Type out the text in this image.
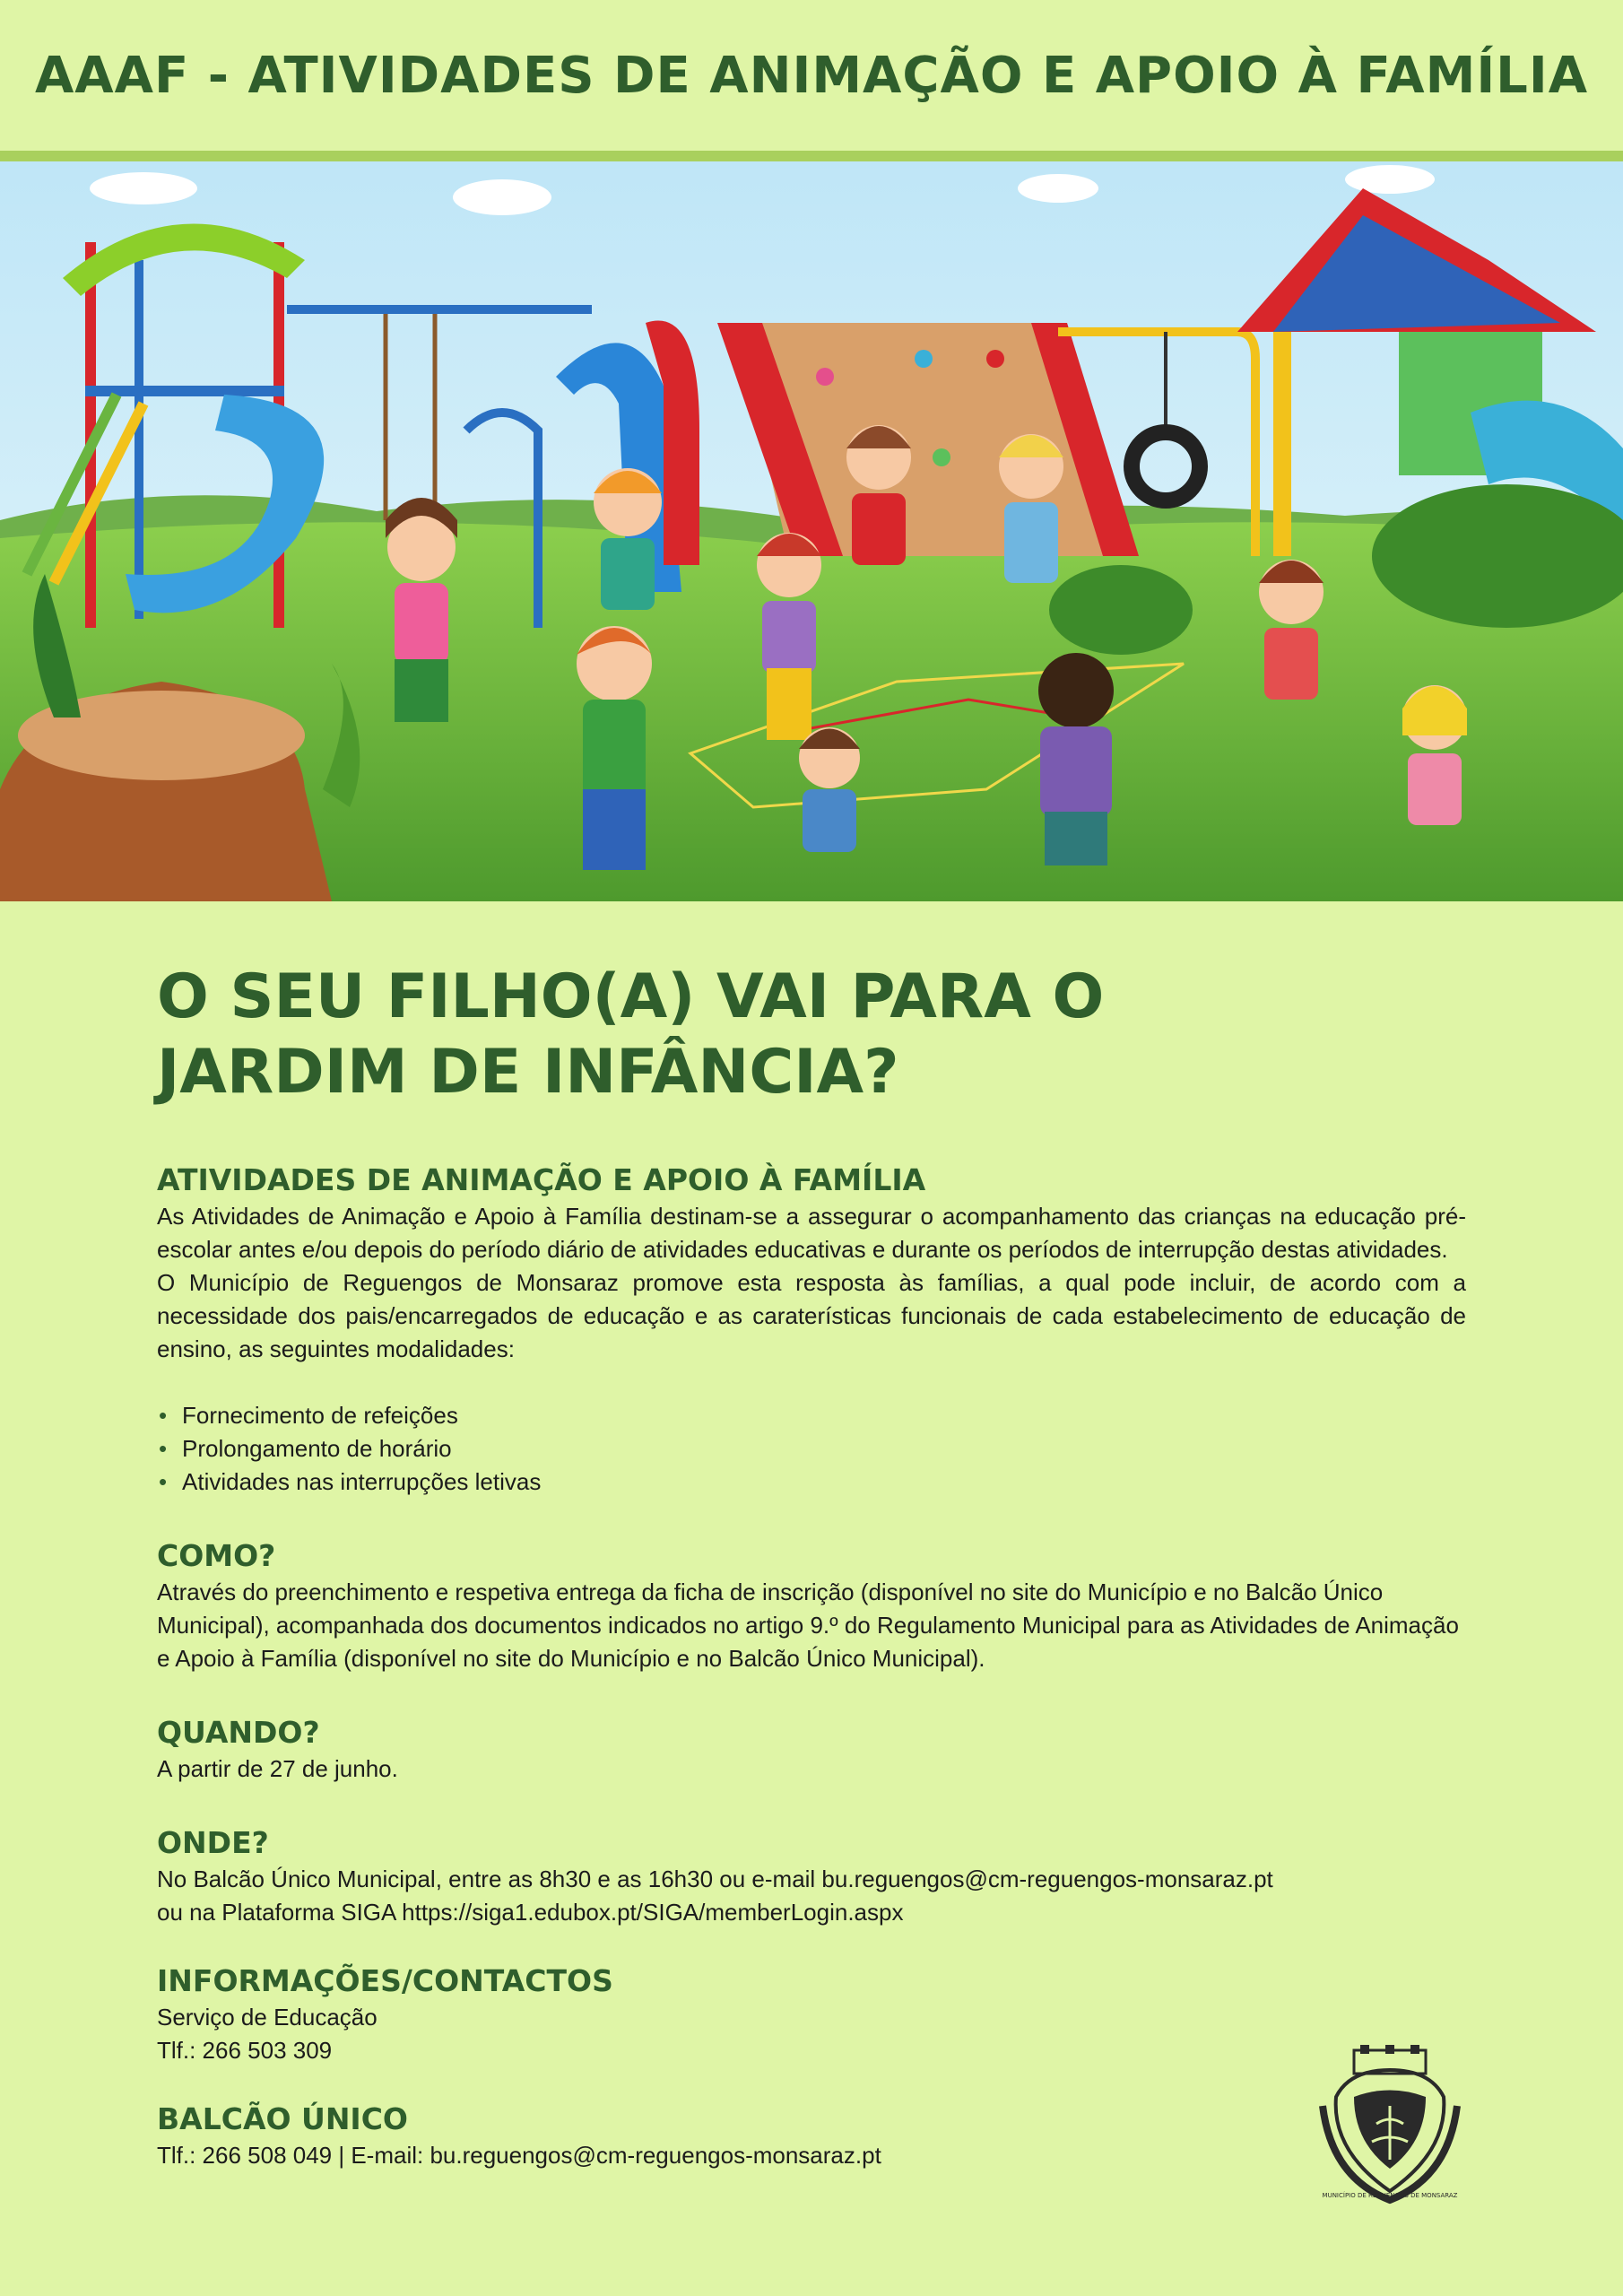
AAAF - ATIVIDADES DE ANIMAÇÃO E APOIO À FAMÍLIA
O SEU FILHO(A) VAI PARA O
JARDIM DE INFÂNCIA?
ATIVIDADES DE ANIMAÇÃO E APOIO À FAMÍLIA

As Atividades de Animação e Apoio à Família destinam-se a assegurar o acompanhamento das crianças na educação pré-escolar antes e/ou depois do período diário de atividades educativas e durante os períodos de interrupção destas atividades.

O Município de Reguengos de Monsaraz promove esta resposta às famílias, a qual pode incluir, de acordo com a necessidade dos pais/encarregados de educação e as caraterísticas funcionais de cada estabelecimento de educação de ensino, as seguintes modalidades:

• Fornecimento de refeições
• Prolongamento de horário
• Atividades nas interrupções letivas
COMO?

Através do preenchimento e respetiva entrega da ficha de inscrição (disponível no site do Município e no Balcão Único Municipal), acompanhada dos documentos indicados no artigo 9.º do Regulamento Municipal para as Atividades de Animação e Apoio à Família (disponível no site do Município e no Balcão Único Municipal).

QUANDO?

A partir de 27 de junho.

ONDE?

No Balcão Único Municipal, entre as 8h30 e as 16h30 ou e-mail bu.reguengos@cm-reguengos-monsaraz.pt

ou na Plataforma SIGA https://siga1.edubox.pt/SIGA/memberLogin.aspx

INFORMAÇÕES/CONTACTOS

Serviço de Educação

Tlf.: 266 503 309

BALCÃO ÚNICO

Tlf.: 266 508 049 | E-mail: bu.reguengos@cm-reguengos-monsaraz.pt

MUNICÍPIO DE REGUENGOS DE MONSARAZ
